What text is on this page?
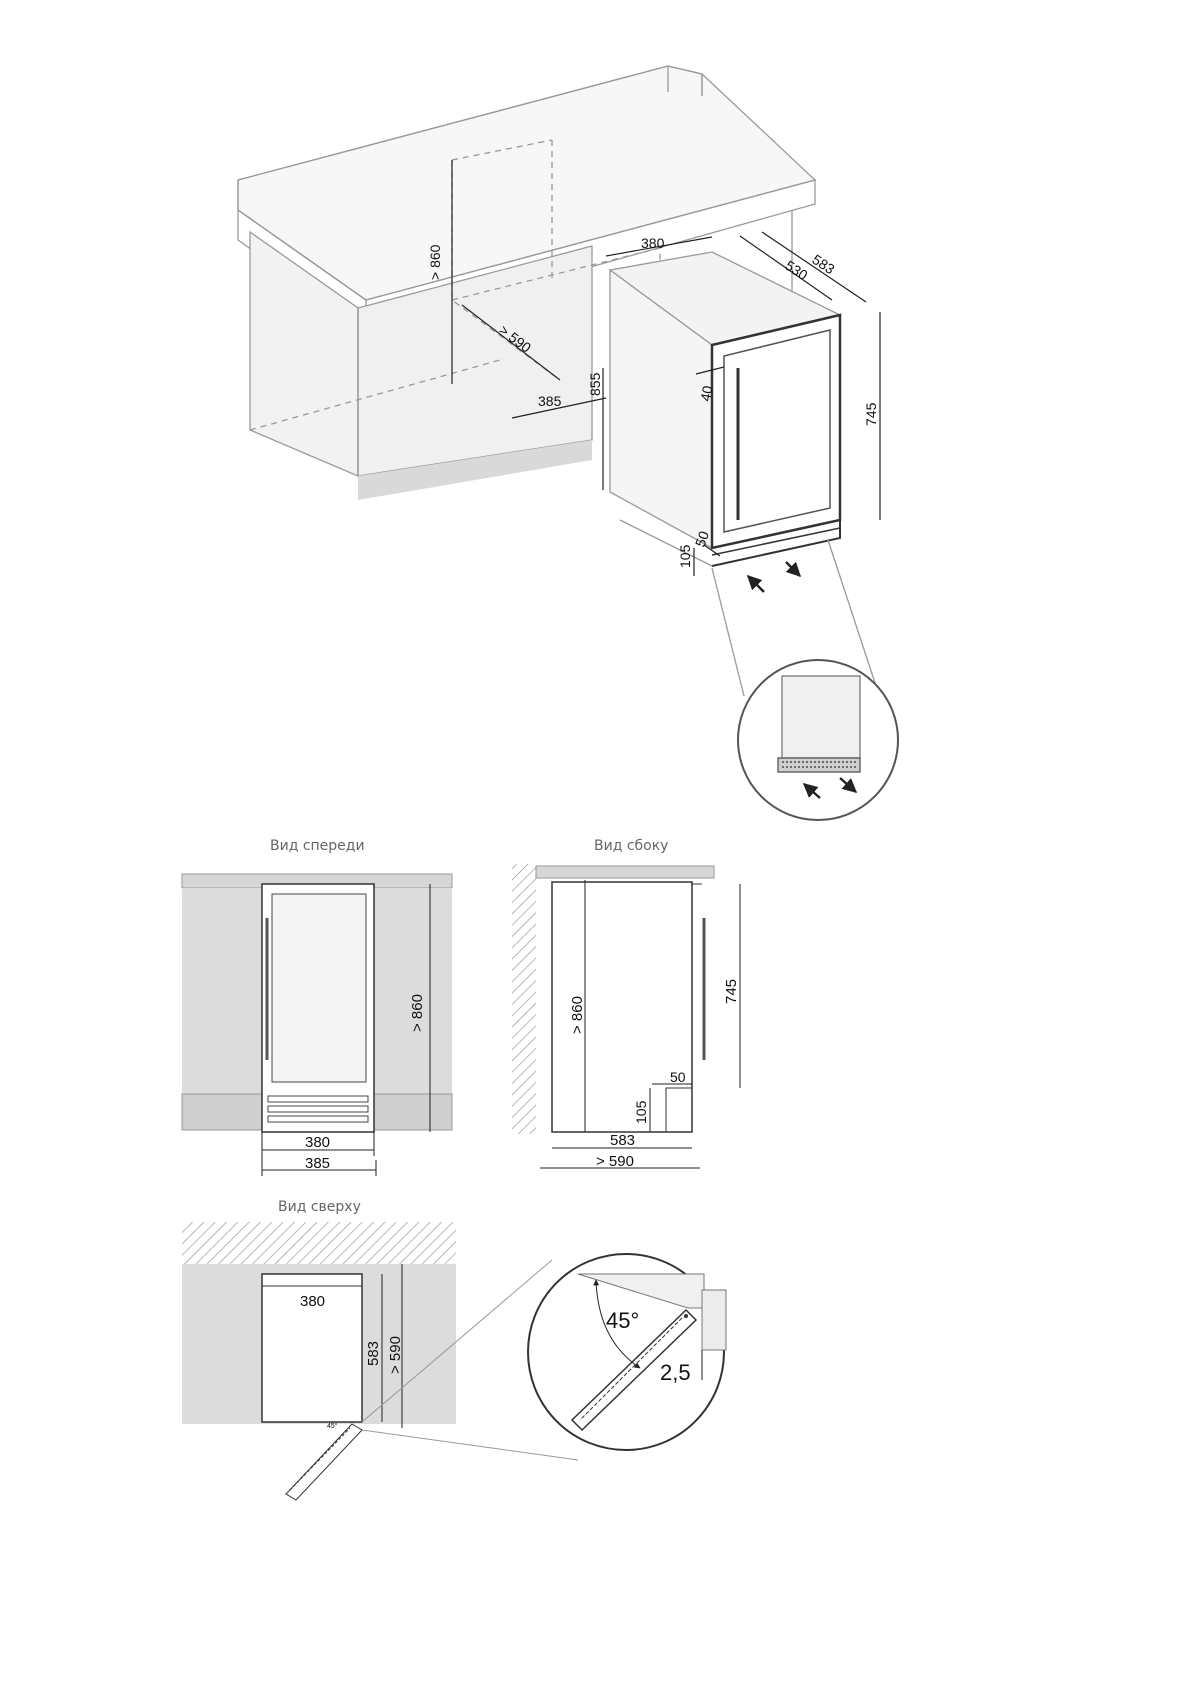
> 860
> 590
385
855
380
530
583
40
745
105
50
Вид спереди
> 860
380
385
Вид сбоку
> 860
745
50
105
583
> 590
Вид сверху
380
583 > 590
45°
45°
2,5
